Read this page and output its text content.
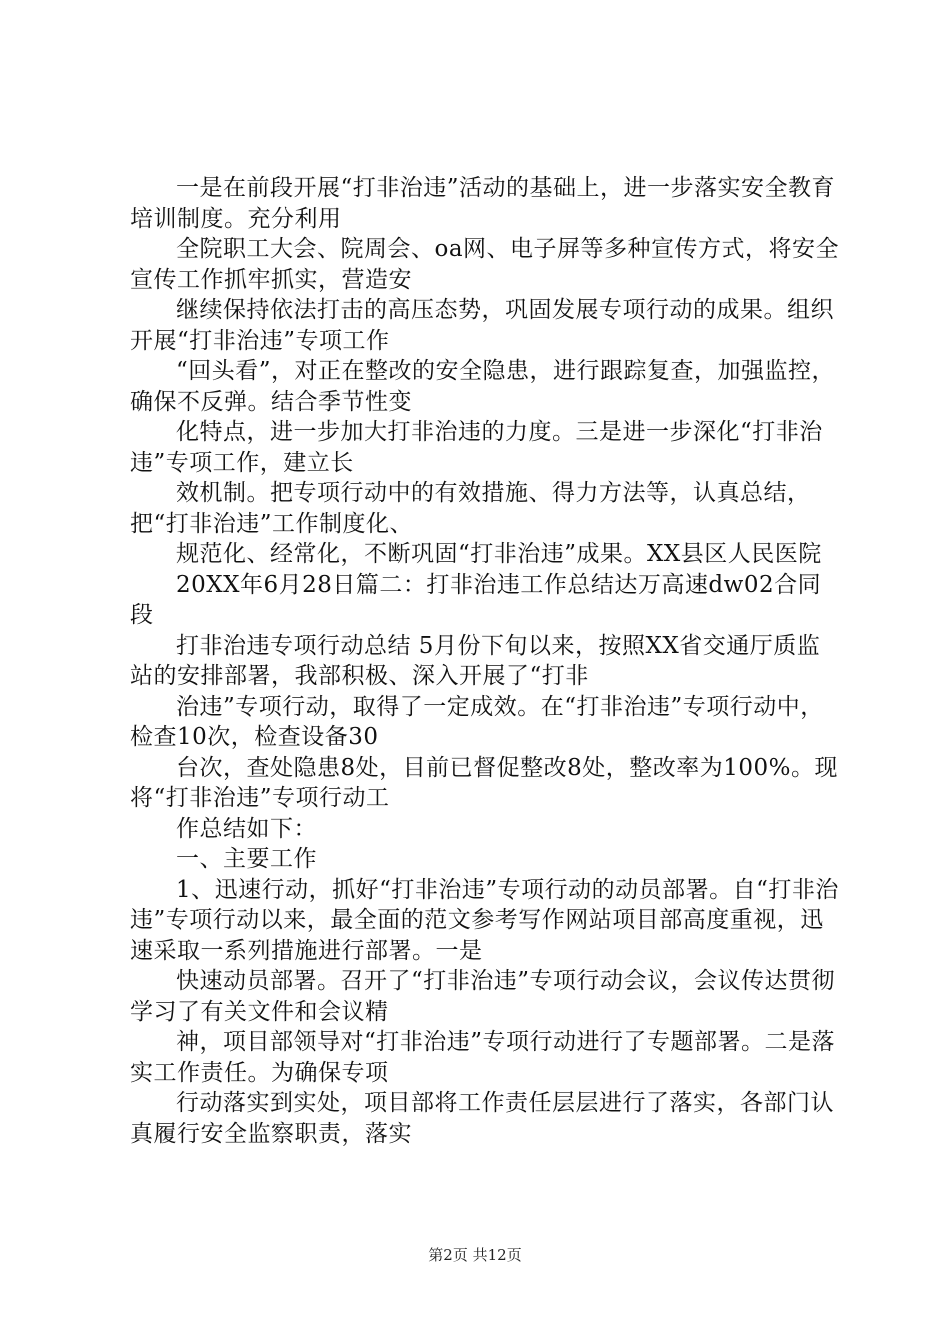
一是在前段开展“打非治违”活动的基础上，进一步落实安全教育培训制度。充分利用

全院职工大会、院周会、oa网、电子屏等多种宣传方式，将安全宣传工作抓牢抓实，营造安

继续保持依法打击的高压态势，巩固发展专项行动的成果。组织开展“打非治违”专项工作

“回头看”，对正在整改的安全隐患，进行跟踪复查，加强监控，确保不反弹。结合季节性变

化特点，进一步加大打非治违的力度。三是进一步深化“打非治违”专项工作，建立长

效机制。把专项行动中的有效措施、得力方法等，认真总结，把“打非治违”工作制度化、

规范化、经常化，不断巩固“打非治违”成果。XX县区人民医院

20XX年6月28日篇二：打非治违工作总结达万高速dw02合同段

打非治违专项行动总结 5月份下旬以来，按照XX省交通厅质监站的安排部署，我部积极、深入开展了“打非

治违”专项行动，取得了一定成效。在“打非治违”专项行动中，检查10次，检查设备30

台次，查处隐患8处，目前已督促整改8处，整改率为100%。现将“打非治违”专项行动工

作总结如下：

一、主要工作

1、迅速行动，抓好“打非治违”专项行动的动员部署。自“打非治违”专项行动以来，最全面的范文参考写作网站项目部高度重视，迅速采取一系列措施进行部署。一是

快速动员部署。召开了“打非治违”专项行动会议，会议传达贯彻学习了有关文件和会议精

神，项目部领导对“打非治违”专项行动进行了专题部署。二是落实工作责任。为确保专项

行动落实到实处，项目部将工作责任层层进行了落实，各部门认真履行安全监察职责，落实

第2页 共12页
